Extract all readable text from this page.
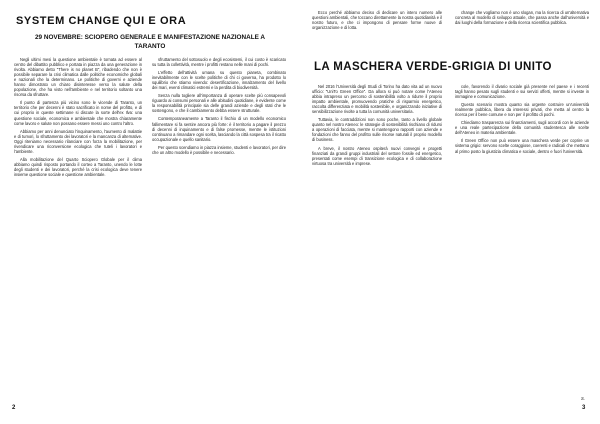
SYSTEM CHANGE QUI E ORA
29 NOVEMBRE: SCIOPERO GENERALE E MANIFESTAZIONE NAZIONALE A
TARANTO

Negli ultimi mesi la questione ambientale è tornata ad essere al centro del dibattito pubblico e portata in piazza da una generazione in rivolta. Abbiamo detto "There is no planet B", ribadendo che non è possibile separare la crisi climatica dalle politiche economiche globali e nazionali che la determinano. Le politiche di governi e aziende hanno dimostrato un chiaro disinteresse verso la salute della popolazione, che ha visto nell'ambiente e nel territorio soltanto una risorsa da sfruttare.

Il punto di partenza più vicino sono le vicende di Taranto, un territorio che per decenni è stato sacrificato in nome del profitto, e di cui proprio in queste settimane si discute la sorte dell'ex Ilva: una questione sociale, economica e ambientale che mostra chiaramente come lavoro e salute non possano essere messi uno contro l'altro.

Abbiamo per anni denunciato l'inquinamento, l'aumento di malattie e di tumori, lo sfruttamento dei lavoratori e la mancanza di alternative. Oggi riteniamo necessario rilanciare con forza la mobilitazione, per rivendicare una riconversione ecologica che tuteli i lavoratori e l'ambiente.

Alla mobilitazione del Quarto Sciopero Globale per il clima abbiamo quindi risposto portando il corteo a Taranto, unendo le lotte degli studenti e dei lavoratori, perché la crisi ecologica deve tenere insieme questione sociale e questione ambientale.

sfruttamento del sottosuolo e degli ecosistemi, il cui costo è scaricato su tutta la collettività, mentre i profitti restano nelle mani di pochi.

L'effetto dell'attività umana su questo pianeta, combinato inevitabilmente con le scelte politiche di chi ci governa, ha prodotto lo squilibrio che stiamo vivendo: desertificazione, innalzamento del livello dei mari, eventi climatici estremi e la perdita di biodiversità.

Senza nulla togliere all'importanza di operare scelte più consapevoli riguardo ai consumi personali e alle abitudini quotidiane, è evidente come la responsabilità principale sia delle grandi aziende e degli stati che le sostengono, e che il cambiamento debba essere strutturale.

Contemporaneamente a Taranto il fischio di un modello economico fallimentare si fa sentire ancora più forte: è il territorio a pagare il prezzo di decenni di inquinamento e di false promesse, mentre le istituzioni continuano a rimandare ogni scelta, lasciando la città sospesa tra il ricatto occupazionale e quello sanitario.

Per questo scendiamo in piazza insieme, studenti e lavoratori, per dire che un altro modello è possibile e necessario.

2

Ecco perché abbiamo deciso di dedicare un intero numero alle questioni ambientali, che toccano direttamente la nostra quotidianità e il nostro futuro, e che ci impongono di pensare forme nuove di organizzazione e di lotta.

change che vogliamo non è uno slogan, ma la ricerca di un'alternativa concreta al modello di sviluppo attuale, che passa anche dall'università e dai luoghi della formazione e della ricerca scientifica pubblica.

LA MASCHERA VERDE-GRIGIA DI UNITO

Nel 2016 l'Università degli Studi di Torino ha dato vita ad un nuovo ufficio: "UniTo Green Office". Da allora si può notare come l'Ateneo abbia intrapreso un percorso di sostenibilità volto a ridurre il proprio impatto ambientale, promuovendo pratiche di risparmio energetico, raccolta differenziata e mobilità sostenibile, e organizzando iniziative di sensibilizzazione rivolte a tutta la comunità universitaria.

Tuttavia, le contraddizioni non sono poche, tanto a livello globale quanto nel nostro Ateneo: le strategie di sostenibilità rischiano di ridursi a operazioni di facciata, mentre si mantengono rapporti con aziende e fondazioni che fanno del profitto sulle risorse naturali il proprio modello di business.

A breve, il nostro Ateneo ospiterà nuovi convegni e progetti finanziati da grandi gruppi industriali del settore fossile ed energetico, presentati come esempi di transizione ecologica e di collaborazione virtuosa tra università e imprese.

cole, favorendo il divario sociale già presente nel paese e i recenti tagli hanno pesato sugli studenti e sui servizi offerti, mentre si investe in immagine e comunicazione.

Questo scenario mostra quanto sia urgente costruire un'università realmente pubblica, libera da interessi privati, che metta al centro la ricerca per il bene comune e non per il profitto di pochi.

Chiediamo trasparenza sui finanziamenti, sugli accordi con le aziende e una reale partecipazione della comunità studentesca alle scelte dell'Ateneo in materia ambientale.

Il Green Office non può essere una maschera verde per coprire un sistema grigio: servono scelte coraggiose, coerenti e radicali che mettano al primo posto la giustizia climatica e sociale, dentro e fuori l'università.

S.
3
